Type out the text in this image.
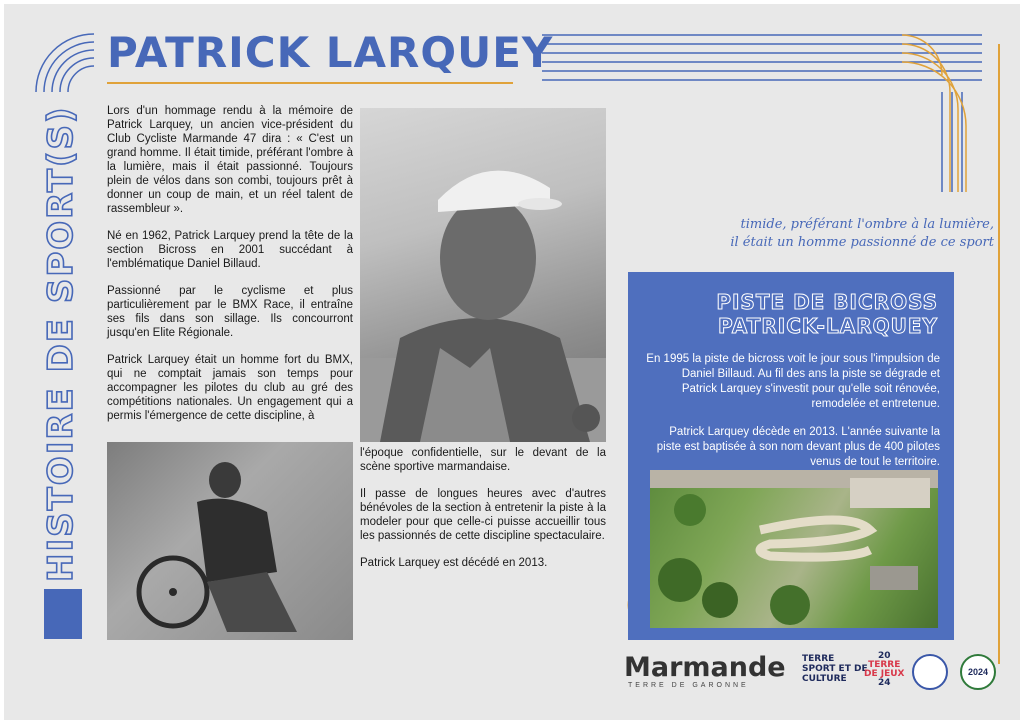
PATRICK LARQUEY
HISTOIRE DE SPORT(S) Lors d'un hommage rendu à la mémoire de Patrick Larquey, un ancien vice-président du Club Cycliste Marmande 47 dira : « C'est un grand homme. Il était timide, préférant l'ombre à la lumière, mais il était passionné. Toujours plein de vélos dans son combi, toujours prêt à donner un coup de main, et un réel talent de rassembleur ».

Né en 1962, Patrick Larquey prend la tête de la section Bicross en 2001 succédant à l'emblématique Daniel Billaud.

Passionné par le cyclisme et plus particulièrement par le BMX Race, il entraîne ses fils dans son sillage. Ils concourront jusqu'en Elite Régionale.

Patrick Larquey était un homme fort du BMX, qui ne comptait jamais son temps pour accompagner les pilotes du club au gré des compétitions nationales. Un engagement qui a permis l'émergence de cette discipline, à

l'époque confidentielle, sur le devant de la scène sportive marmandaise.

Il passe de longues heures avec d'autres bénévoles de la section à entretenir la piste à la modeler pour que celle-ci puisse accueillir tous les passionnés de cette discipline spectaculaire.

Patrick Larquey est décédé en 2013.

timide, préférant l'ombre à la lumière,
il était un homme passionné de ce sport
PISTE DE BICROSS
PATRICK-LARQUEY

En 1995 la piste de bicross voit le jour sous l'impulsion de Daniel Billaud. Au fil des ans la piste se dégrade et Patrick Larquey s'investit pour qu'elle soit rénovée, remodelée et entretenue.

Patrick Larquey décède en 2013. L'année suivante la piste est baptisée à son nom devant plus de 400 pilotes venus de tout le territoire.

Marmande
TERRE DE GARONNE
TERRE
SPORT ET DE
CULTURE
20
TERRE
DE JEUX
24
2024
